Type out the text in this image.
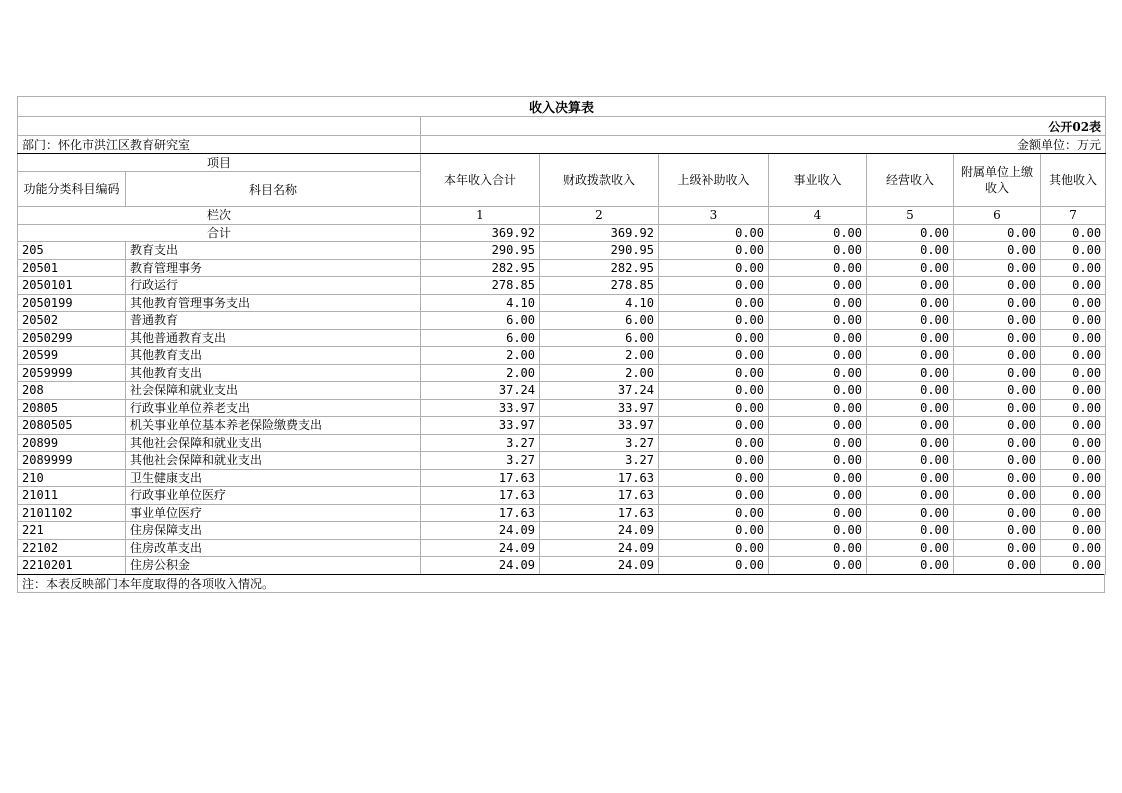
收入决算表								
		公开02表						
部门：怀化市洪江区教育研究室		金额单位：万元						
项目		本年收入合计	财政拨款收入	上级补助收入	事业收入	经营收入	附属单位上缴收入	其他收入
功能分类科目编码	科目名称							
栏次		1	2	3	4	5	6	7
合计		369.92	369.92	0.00	0.00	0.00	0.00	0.00
205	教育支出	290.95	290.95	0.00	0.00	0.00	0.00	0.00
20501	教育管理事务	282.95	282.95	0.00	0.00	0.00	0.00	0.00
2050101	行政运行	278.85	278.85	0.00	0.00	0.00	0.00	0.00
2050199	其他教育管理事务支出	4.10	4.10	0.00	0.00	0.00	0.00	0.00
20502	普通教育	6.00	6.00	0.00	0.00	0.00	0.00	0.00
2050299	其他普通教育支出	6.00	6.00	0.00	0.00	0.00	0.00	0.00
20599	其他教育支出	2.00	2.00	0.00	0.00	0.00	0.00	0.00
2059999	其他教育支出	2.00	2.00	0.00	0.00	0.00	0.00	0.00
208	社会保障和就业支出	37.24	37.24	0.00	0.00	0.00	0.00	0.00
20805	行政事业单位养老支出	33.97	33.97	0.00	0.00	0.00	0.00	0.00
2080505	机关事业单位基本养老保险缴费支出	33.97	33.97	0.00	0.00	0.00	0.00	0.00
20899	其他社会保障和就业支出	3.27	3.27	0.00	0.00	0.00	0.00	0.00
2089999	其他社会保障和就业支出	3.27	3.27	0.00	0.00	0.00	0.00	0.00
210	卫生健康支出	17.63	17.63	0.00	0.00	0.00	0.00	0.00
21011	行政事业单位医疗	17.63	17.63	0.00	0.00	0.00	0.00	0.00
2101102	事业单位医疗	17.63	17.63	0.00	0.00	0.00	0.00	0.00
221	住房保障支出	24.09	24.09	0.00	0.00	0.00	0.00	0.00
22102	住房改革支出	24.09	24.09	0.00	0.00	0.00	0.00	0.00
2210201	住房公积金	24.09	24.09	0.00	0.00	0.00	0.00	0.00
注：本表反映部门本年度取得的各项收入情况。
